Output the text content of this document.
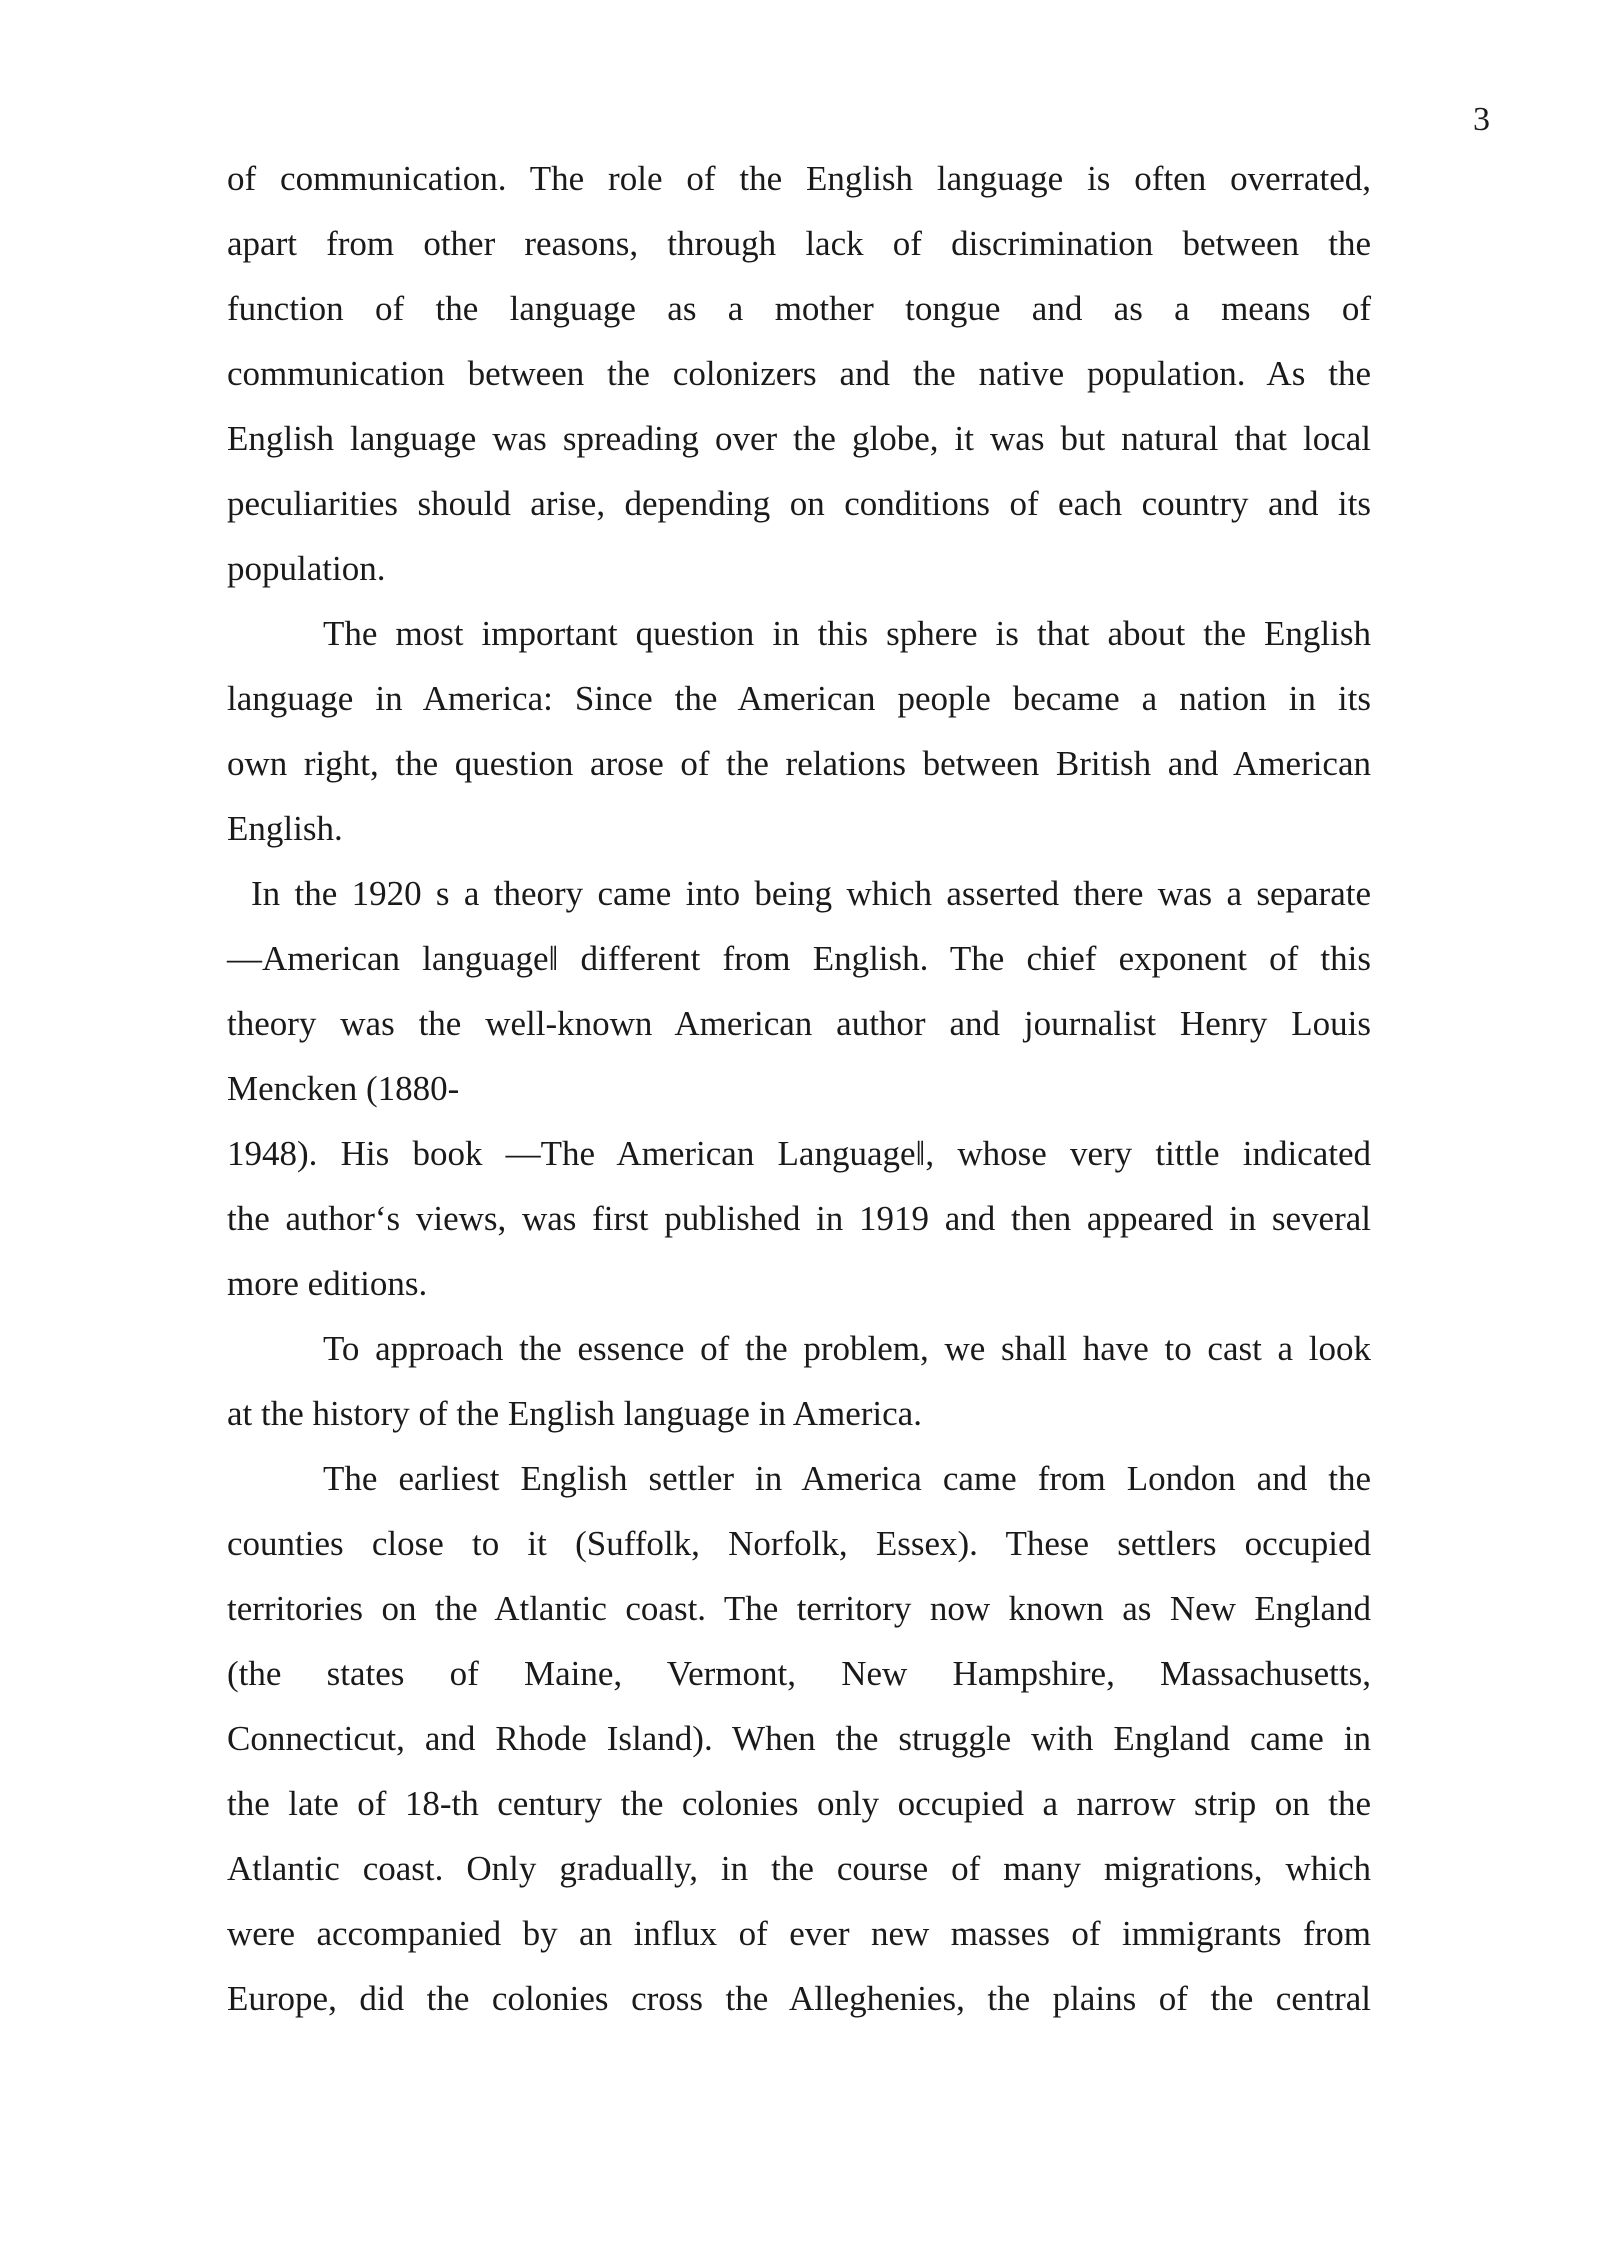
3
of communication. The role of the English language is often overrated,
apart from other reasons, through lack of discrimination between the
function of the language as a mother tongue and as a means of
communication between the colonizers and the native population. As the
English language was spreading over the globe, it was but natural that local
peculiarities should arise, depending on conditions of each country and its
population.
The most important question in this sphere is that about the English
language in America: Since the American people became a nation in its
own right, the question arose of the relations between British and American
English.
In the 1920 s a theory came into being which asserted there was a separate
―American language‖ different from English. The chief exponent of this
theory was the well-known American author and journalist Henry Louis
Mencken (1880-
1948). His book ―The American Language‖, whose very tittle indicated
the author‘s views, was first published in 1919 and then appeared in several
more editions.
To approach the essence of the problem, we shall have to cast a look
at the history of the English language in America.
The earliest English settler in America came from London and the
counties close to it (Suffolk, Norfolk, Essex). These settlers occupied
territories on the Atlantic coast. The territory now known as New England
(the states of Maine, Vermont, New Hampshire, Massachusetts,
Connecticut, and Rhode Island). When the struggle with England came in
the late of 18-th century the colonies only occupied a narrow strip on the
Atlantic coast. Only gradually, in the course of many migrations, which
were accompanied by an influx of ever new masses of immigrants from
Europe, did the colonies cross the Alleghenies, the plains of the central
